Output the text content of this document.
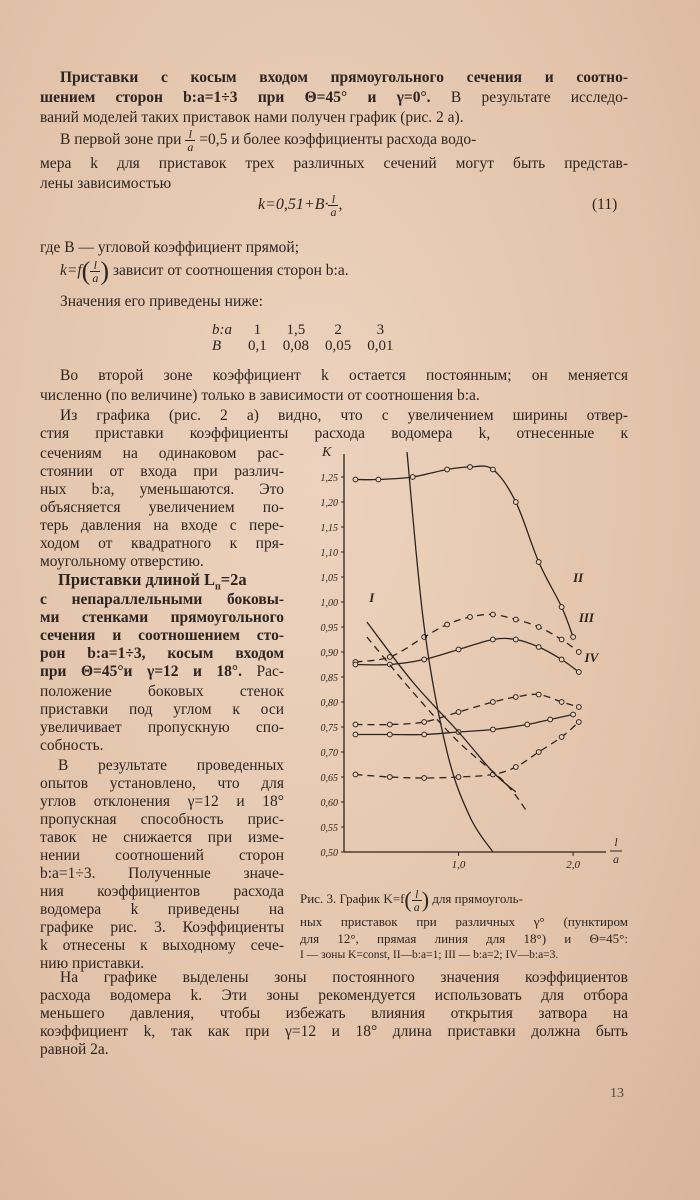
Приставки с косым входом прямоугольного сечения и соотно-
шением сторон b:a=1÷3 при Θ=45° и γ=0°. В результате исследо-
ваний моделей таких приставок нами получен график (рис. 2 а).
В первой зоне при $\frac{l}{a} =0,5$ и более коэффициенты расхода водо-
мера k для приставок трех различных сечений могут быть представ-
лены зависимостью
$k=0,51+B\cdot \frac{l}{a}$ ,	(11)
где B — угловой коэффициент прямой;
$k=f( \frac{l}{a}$ ) зависит от соотношения сторон b:a.
Значения его приведены ниже:
b:a	1	1,5	2	3
B	0,1	0,08	0,05	0,01
Во второй зоне коэффициент k остается постоянным; он меняется
численно (по величине) только в зависимости от соотношения b:a.
Из графика (рис. 2 а) видно, что с увеличением ширины отвер-
стия приставки коэффициенты расхода водомера k, отнесенные к
сечениям на одинаковом рас-
стоянии от входа при различ-
ных b:a, уменьшаются. Это
объясняется увеличением по-
терь давления на входе с пере-
ходом от квадратного к пря-
моугольному отверстию.
Приставки длиной $L_п=2a$
с непараллельными боковы-
ми стенками прямоугольного
сечения и соотношением сто-
рон b:a=1÷3, косым входом
при Θ=45°и γ=12 и 18°. Рас-
положение боковых стенок
приставки под углом к оси
увеличивает пропускную спо-
собность.
В результате проведенных
опытов установлено, что для
углов отклонения γ=12 и 18°
пропускная способность прис-
тавок не снижается при изме-
нении соотношений сторон
b:a=1÷3. Полученные значе-
ния коэффициентов расхода
водомера k приведены на
графике рис. 3. Коэффициенты
k отнесены к выходному сече-
нию приставки.
1,25
1,20
1,15
1,10
1,05
1,00
0,95
0,90
0,85
0,80
0,75
0,70
0,65
0,60
0,55
0,50
1,0	2,0
K
l
a
I
II
III
IV
Рис. 3. График $K=f( \frac{l}{a}$ ) для прямоуголь-
ных приставок при различных γ° (пунктиром
для 12°, прямая линия для 18°) и Θ=45°:
I — зоны K=const, II—b:a=1; III — b:a=2; IV—b:a=3.
На графике выделены зоны постоянного значения коэффициентов
расхода водомера k. Эти зоны рекомендуется использовать для отбора
меньшего давления, чтобы избежать влияния открытия затвора на
коэффициент k, так как при γ=12 и 18° длина приставки должна быть
равной 2a.
13
